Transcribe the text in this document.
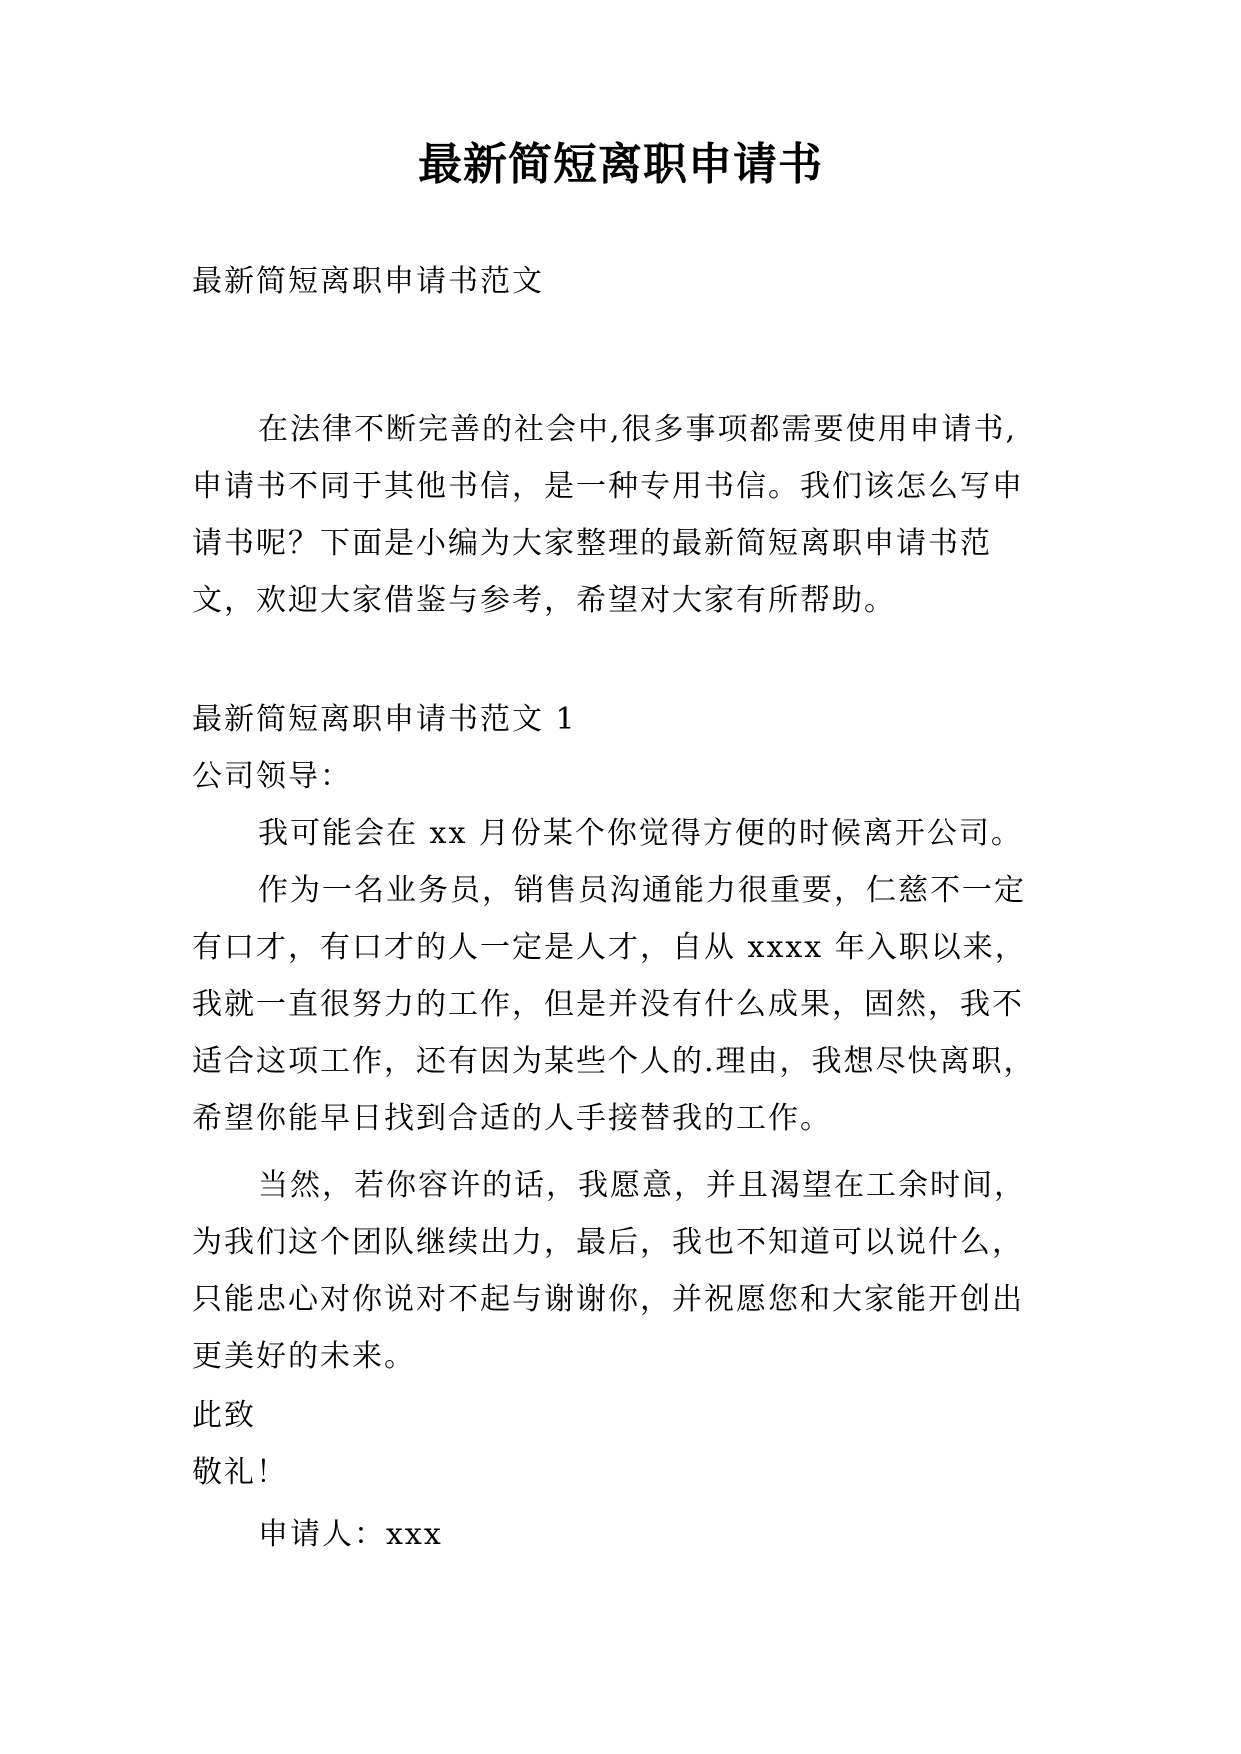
最新简短离职申请书
最新简短离职申请书范文
在法律不断完善的社会中,很多事项都需要使用申请书,
申请书不同于其他书信，是一种专用书信。我们该怎么写申
请书呢？下面是小编为大家整理的最新简短离职申请书范
文，欢迎大家借鉴与参考，希望对大家有所帮助。
最新简短离职申请书范文 1
公司领导：
我可能会在 xx 月份某个你觉得方便的时候离开公司。
作为一名业务员，销售员沟通能力很重要，仁慈不一定
有口才，有口才的人一定是人才，自从 xxxx 年入职以来，
我就一直很努力的工作，但是并没有什么成果，固然，我不
适合这项工作，还有因为某些个人的.理由，我想尽快离职，
希望你能早日找到合适的人手接替我的工作。
当然，若你容许的话，我愿意，并且渴望在工余时间，
为我们这个团队继续出力，最后，我也不知道可以说什么，
只能忠心对你说对不起与谢谢你，并祝愿您和大家能开创出
更美好的未来。
此致
敬礼！
申请人：xxx
